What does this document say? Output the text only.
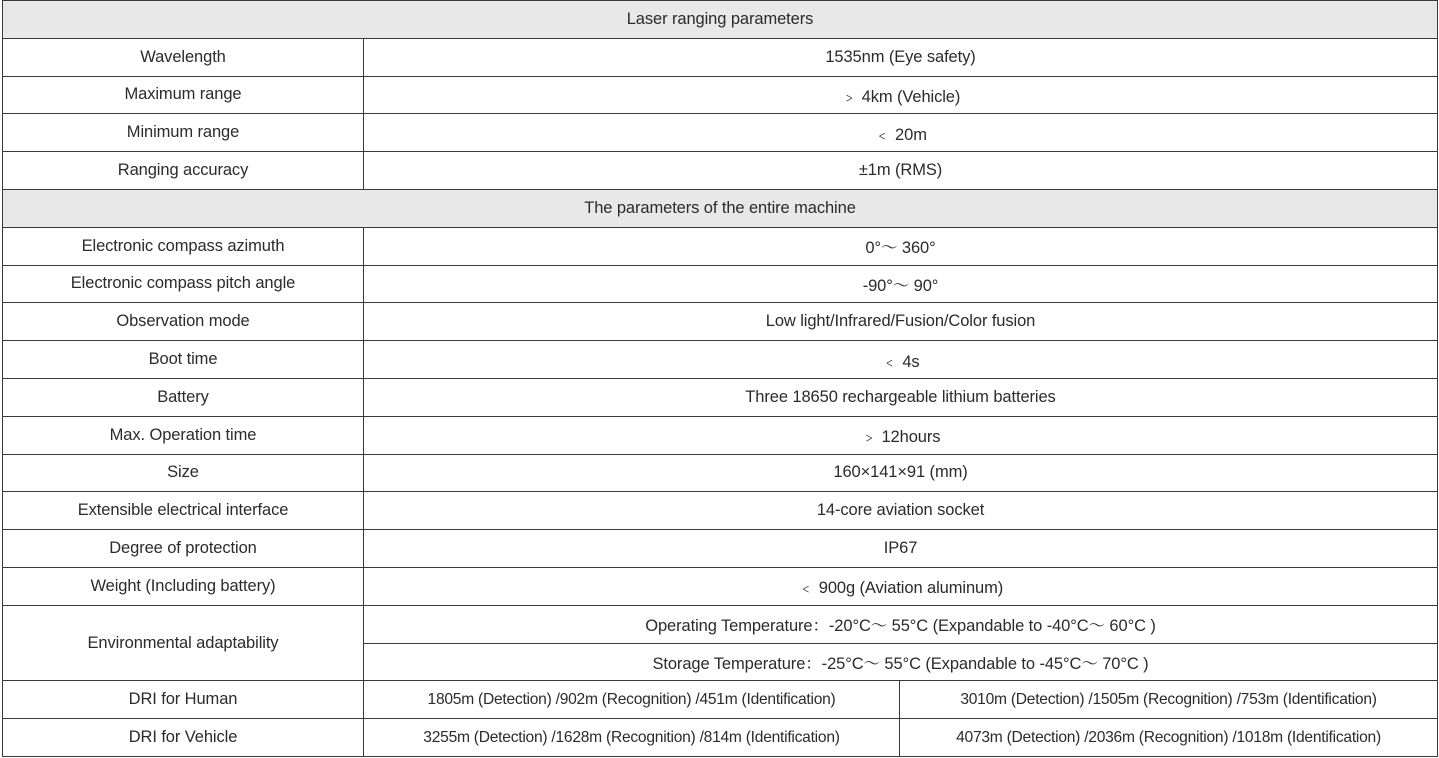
Laser ranging parameters		
Wavelength	1535nm (Eye safety)	
Maximum range	﹥ 4km (Vehicle)	
Minimum range	﹤ 20m	
Ranging accuracy	±1m (RMS)	
The parameters of the entire machine		
Electronic compass azimuth	0°～ 360°	
Electronic compass pitch angle	-90°～ 90°	
Observation mode	Low light/Infrared/Fusion/Color fusion	
Boot time	﹤ 4s	
Battery	Three 18650 rechargeable lithium batteries	
Max. Operation time	﹥ 12hours	
Size	160×141×91 (mm)	
Extensible electrical interface	14-core aviation socket	
Degree of protection	IP67	
Weight (Including battery)	﹤ 900g (Aviation aluminum)	
Environmental adaptability	Operating Temperature：-20°C～ 55°C (Expandable to -40°C～ 60°C )	
	Storage Temperature：-25°C～ 55°C (Expandable to -45°C～ 70°C )	
DRI for Human	1805m (Detection) /902m (Recognition) /451m (Identification)	3010m (Detection) /1505m (Recognition) /753m (Identification)
DRI for Vehicle	3255m (Detection) /1628m (Recognition) /814m (Identification)	4073m (Detection) /2036m (Recognition) /1018m (Identification)
